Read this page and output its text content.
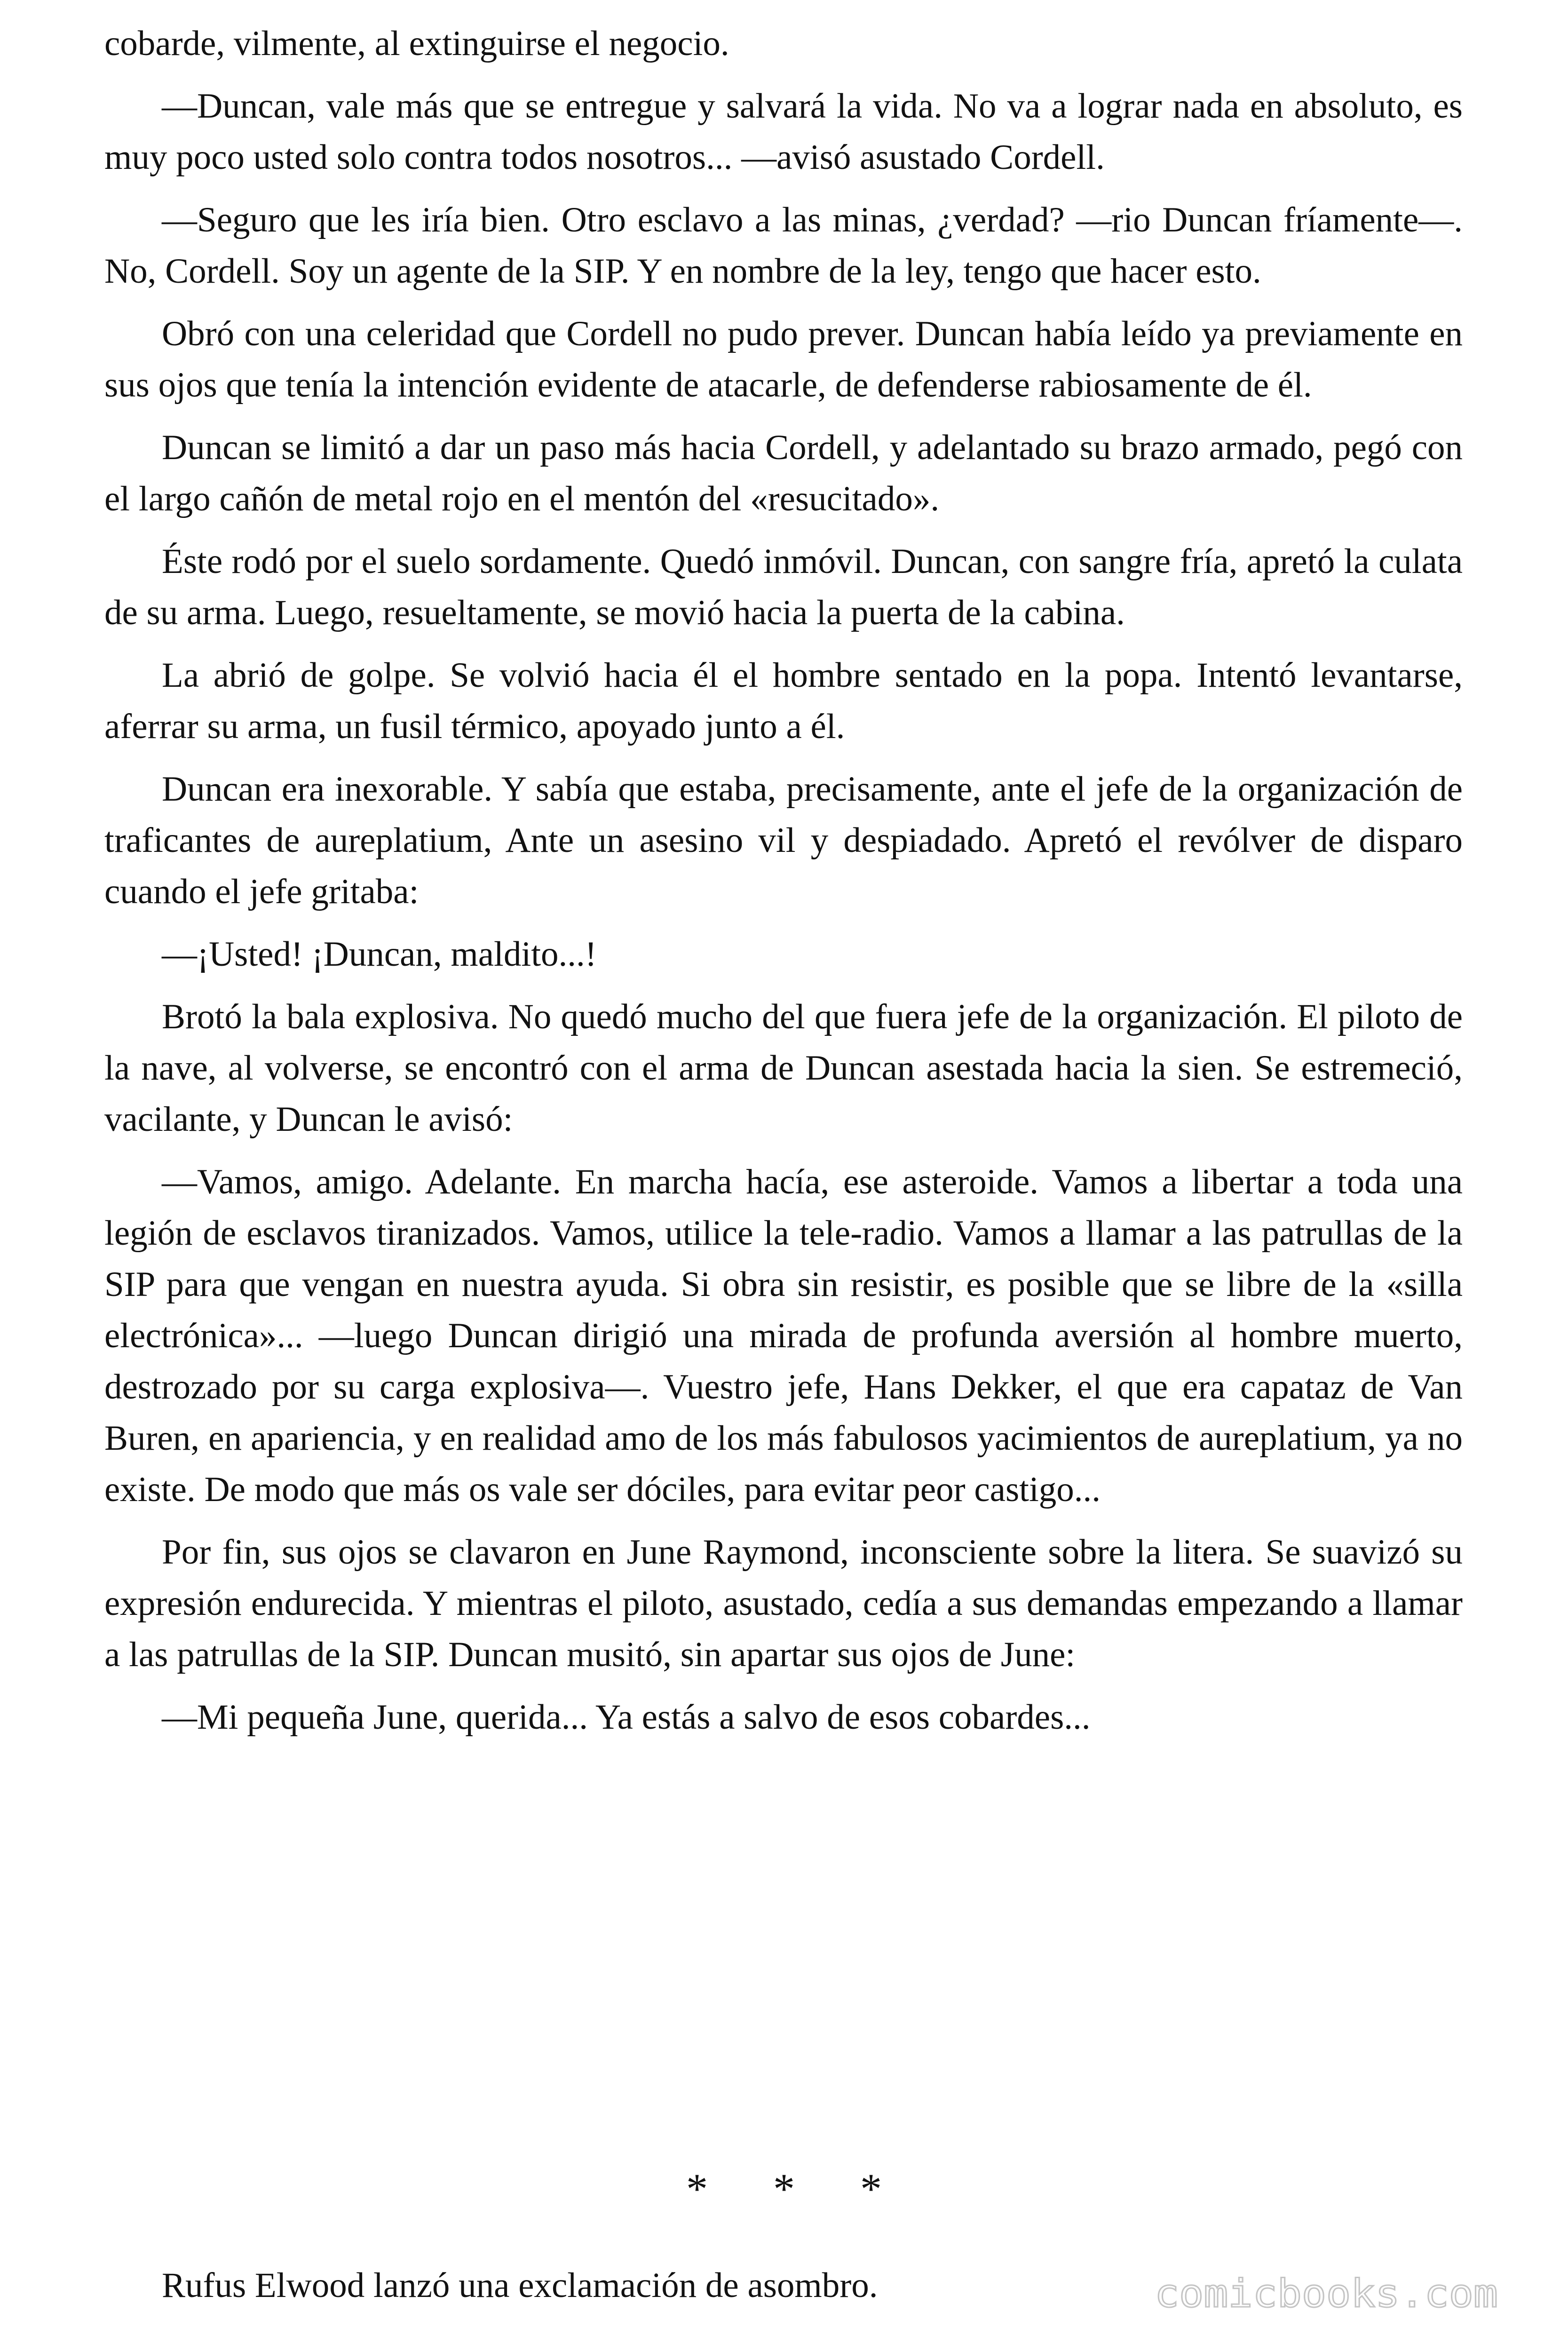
cobarde, vilmente, al extinguirse el negocio.

—Duncan, vale más que se entregue y salvará la vida. No va a lograr nada en absoluto, es muy poco usted solo contra todos nosotros... —avisó asustado Cordell.

—Seguro que les iría bien. Otro esclavo a las minas, ¿verdad? —rio Duncan fríamente—. No, Cordell. Soy un agente de la SIP. Y en nombre de la ley, tengo que hacer esto.

Obró con una celeridad que Cordell no pudo prever. Duncan había leído ya previamente en sus ojos que tenía la intención evidente de atacarle, de defenderse rabiosamente de él.

Duncan se limitó a dar un paso más hacia Cordell, y adelantado su brazo armado, pegó con el largo cañón de metal rojo en el mentón del «resucitado».

Éste rodó por el suelo sordamente. Quedó inmóvil. Duncan, con sangre fría, apretó la culata de su arma. Luego, resueltamente, se movió hacia la puerta de la cabina.

La abrió de golpe. Se volvió hacia él el hombre sentado en la popa. Intentó levantarse, aferrar su arma, un fusil térmico, apoyado junto a él.

Duncan era inexorable. Y sabía que estaba, precisamente, ante el jefe de la organización de traficantes de aureplatium, Ante un asesino vil y despiadado. Apretó el revólver de disparo cuando el jefe gritaba:

—¡Usted! ¡Duncan, maldito...!

Brotó la bala explosiva. No quedó mucho del que fuera jefe de la organización. El piloto de la nave, al volverse, se encontró con el arma de Duncan asestada hacia la sien. Se estremeció, vacilante, y Duncan le avisó:

—Vamos, amigo. Adelante. En marcha hacía, ese asteroide. Vamos a libertar a toda una legión de esclavos tiranizados. Vamos, utilice la tele-radio. Vamos a llamar a las patrullas de la SIP para que vengan en nuestra ayuda. Si obra sin resistir, es posible que se libre de la «silla electrónica»... —luego Duncan dirigió una mirada de profunda aversión al hombre muerto, destrozado por su carga explosiva—. Vuestro jefe, Hans Dekker, el que era capataz de Van Buren, en apariencia, y en realidad amo de los más fabulosos yacimientos de aureplatium, ya no existe. De modo que más os vale ser dóciles, para evitar peor castigo...

Por fin, sus ojos se clavaron en June Raymond, inconsciente sobre la litera. Se suavizó su expresión endurecida. Y mientras el piloto, asustado, cedía a sus demandas empezando a llamar a las patrullas de la SIP. Duncan musitó, sin apartar sus ojos de June:

—Mi pequeña June, querida... Ya estás a salvo de esos cobardes...

* * *
Rufus Elwood lanzó una exclamación de asombro.	comicbooks.com
